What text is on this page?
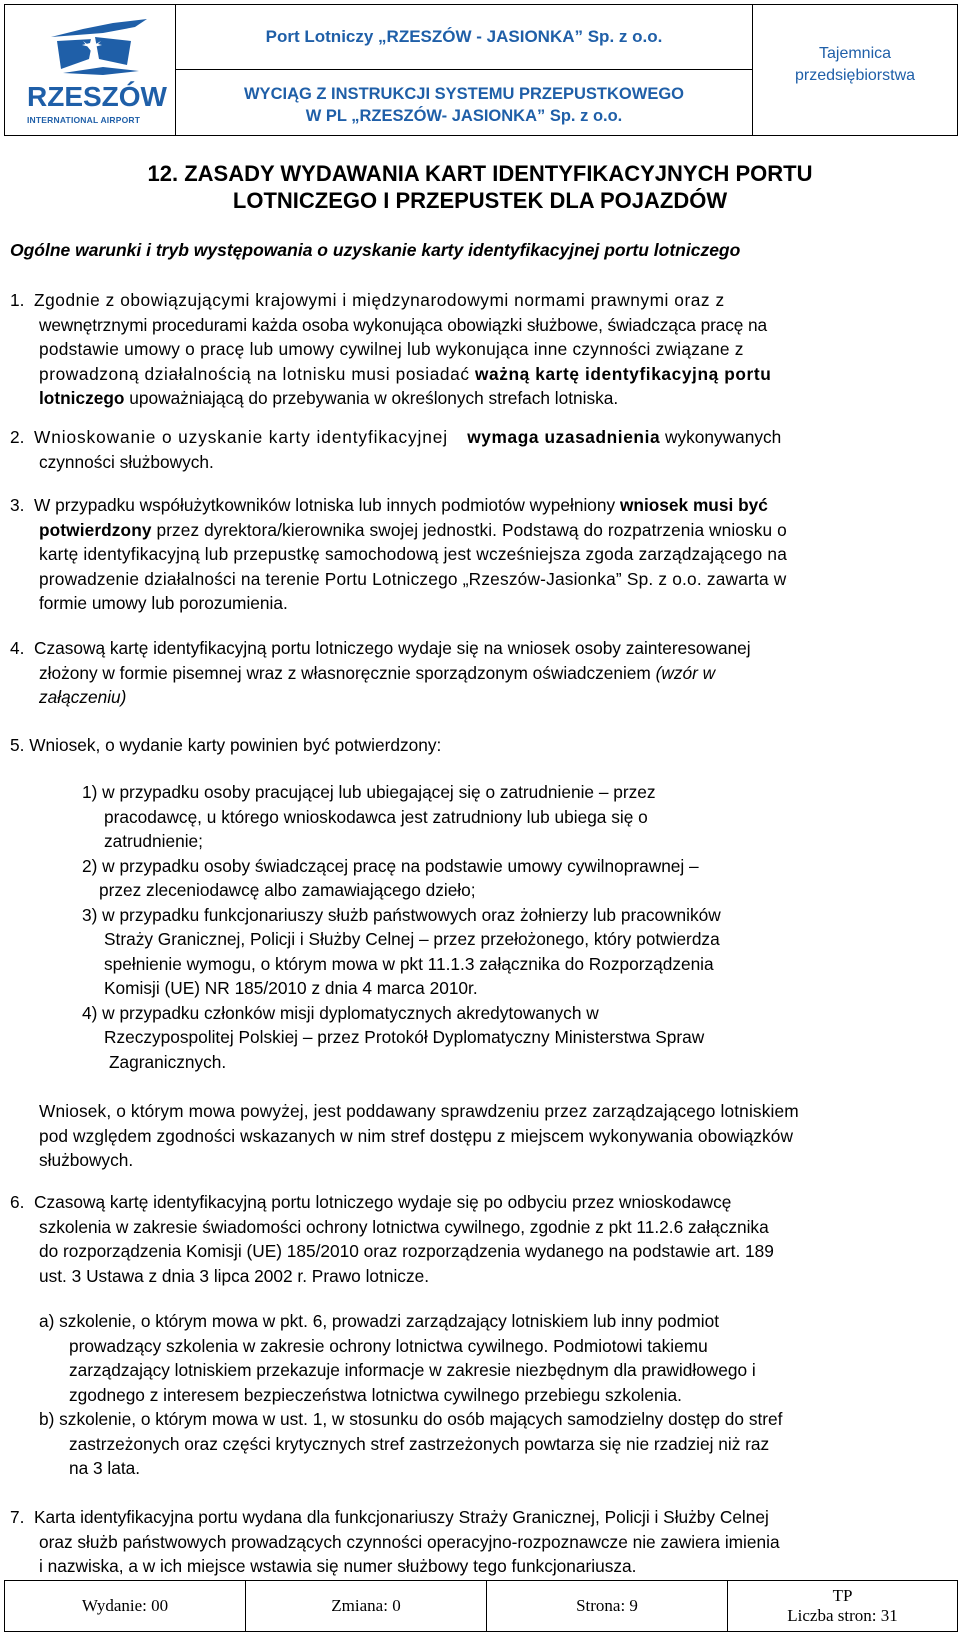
RZESZÓW
INTERNATIONAL AIRPORT
Port Lotniczy „RZESZÓW - JASIONKA” Sp. z o.o.
WYCIĄG Z INSTRUKCJI SYSTEMU PRZEPUSTKOWEGO
W PL „RZESZÓW- JASIONKA” Sp. z o.o.
Tajemnica
przedsiębiorstwa
12. ZASADY WYDAWANIA KART IDENTYFIKACYJNYCH PORTU
LOTNICZEGO I PRZEPUSTEK DLA POJAZDÓW
Ogólne warunki i tryb występowania o uzyskanie karty identyfikacyjnej portu lotniczego
1. Zgodnie z obowiązującymi krajowymi i międzynarodowymi normami prawnymi oraz z
wewnętrznymi procedurami każda osoba wykonująca obowiązki służbowe, świadcząca pracę na
podstawie umowy o pracę lub umowy cywilnej lub wykonująca inne czynności związane z
prowadzoną działalnością na lotnisku musi posiadać ważną kartę identyfikacyjną portu
lotniczego upoważniającą do przebywania w określonych strefach lotniska.
2. Wnioskowanie o uzyskanie karty identyfikacyjnej wymaga uzasadnienia wykonywanych
czynności służbowych.
3. W przypadku współużytkowników lotniska lub innych podmiotów wypełniony wniosek musi być
potwierdzony przez dyrektora/kierownika swojej jednostki. Podstawą do rozpatrzenia wniosku o
kartę identyfikacyjną lub przepustkę samochodową jest wcześniejsza zgoda zarządzającego na
prowadzenie działalności na terenie Portu Lotniczego „Rzeszów-Jasionka” Sp. z o.o. zawarta w
formie umowy lub porozumienia.
4. Czasową kartę identyfikacyjną portu lotniczego wydaje się na wniosek osoby zainteresowanej
złożony w formie pisemnej wraz z własnoręcznie sporządzonym oświadczeniem (wzór w
załączeniu)
5. Wniosek, o wydanie karty powinien być potwierdzony:
1) w przypadku osoby pracującej lub ubiegającej się o zatrudnienie – przez
pracodawcę, u którego wnioskodawca jest zatrudniony lub ubiega się o
zatrudnienie;
2) w przypadku osoby świadczącej pracę na podstawie umowy cywilnoprawnej –
przez zleceniodawcę albo zamawiającego dzieło;
3) w przypadku funkcjonariuszy służb państwowych oraz żołnierzy lub pracowników
Straży Granicznej, Policji i Służby Celnej – przez przełożonego, który potwierdza
spełnienie wymogu, o którym mowa w pkt 11.1.3 załącznika do Rozporządzenia
Komisji (UE) NR 185/2010 z dnia 4 marca 2010r.
4) w przypadku członków misji dyplomatycznych akredytowanych w
Rzeczypospolitej Polskiej – przez Protokół Dyplomatyczny Ministerstwa Spraw
Zagranicznych.
Wniosek, o którym mowa powyżej, jest poddawany sprawdzeniu przez zarządzającego lotniskiem
pod względem zgodności wskazanych w nim stref dostępu z miejscem wykonywania obowiązków
służbowych.
6. Czasową kartę identyfikacyjną portu lotniczego wydaje się po odbyciu przez wnioskodawcę
szkolenia w zakresie świadomości ochrony lotnictwa cywilnego, zgodnie z pkt 11.2.6 załącznika
do rozporządzenia Komisji (UE) 185/2010 oraz rozporządzenia wydanego na podstawie art. 189
ust. 3 Ustawa z dnia 3 lipca 2002 r. Prawo lotnicze.
a) szkolenie, o którym mowa w pkt. 6, prowadzi zarządzający lotniskiem lub inny podmiot
prowadzący szkolenia w zakresie ochrony lotnictwa cywilnego. Podmiotowi takiemu
zarządzający lotniskiem przekazuje informacje w zakresie niezbędnym dla prawidłowego i
zgodnego z interesem bezpieczeństwa lotnictwa cywilnego przebiegu szkolenia.
b) szkolenie, o którym mowa w ust. 1, w stosunku do osób mających samodzielny dostęp do stref
zastrzeżonych oraz części krytycznych stref zastrzeżonych powtarza się nie rzadziej niż raz
na 3 lata.
7. Karta identyfikacyjna portu wydana dla funkcjonariuszy Straży Granicznej, Policji i Służby Celnej
oraz służb państwowych prowadzących czynności operacyjno-rozpoznawcze nie zawiera imienia
i nazwiska, a w ich miejsce wstawia się numer służbowy tego funkcjonariusza.
Wydanie: 00	Zmiana: 0	Strona: 9
TP
Liczba stron: 31
